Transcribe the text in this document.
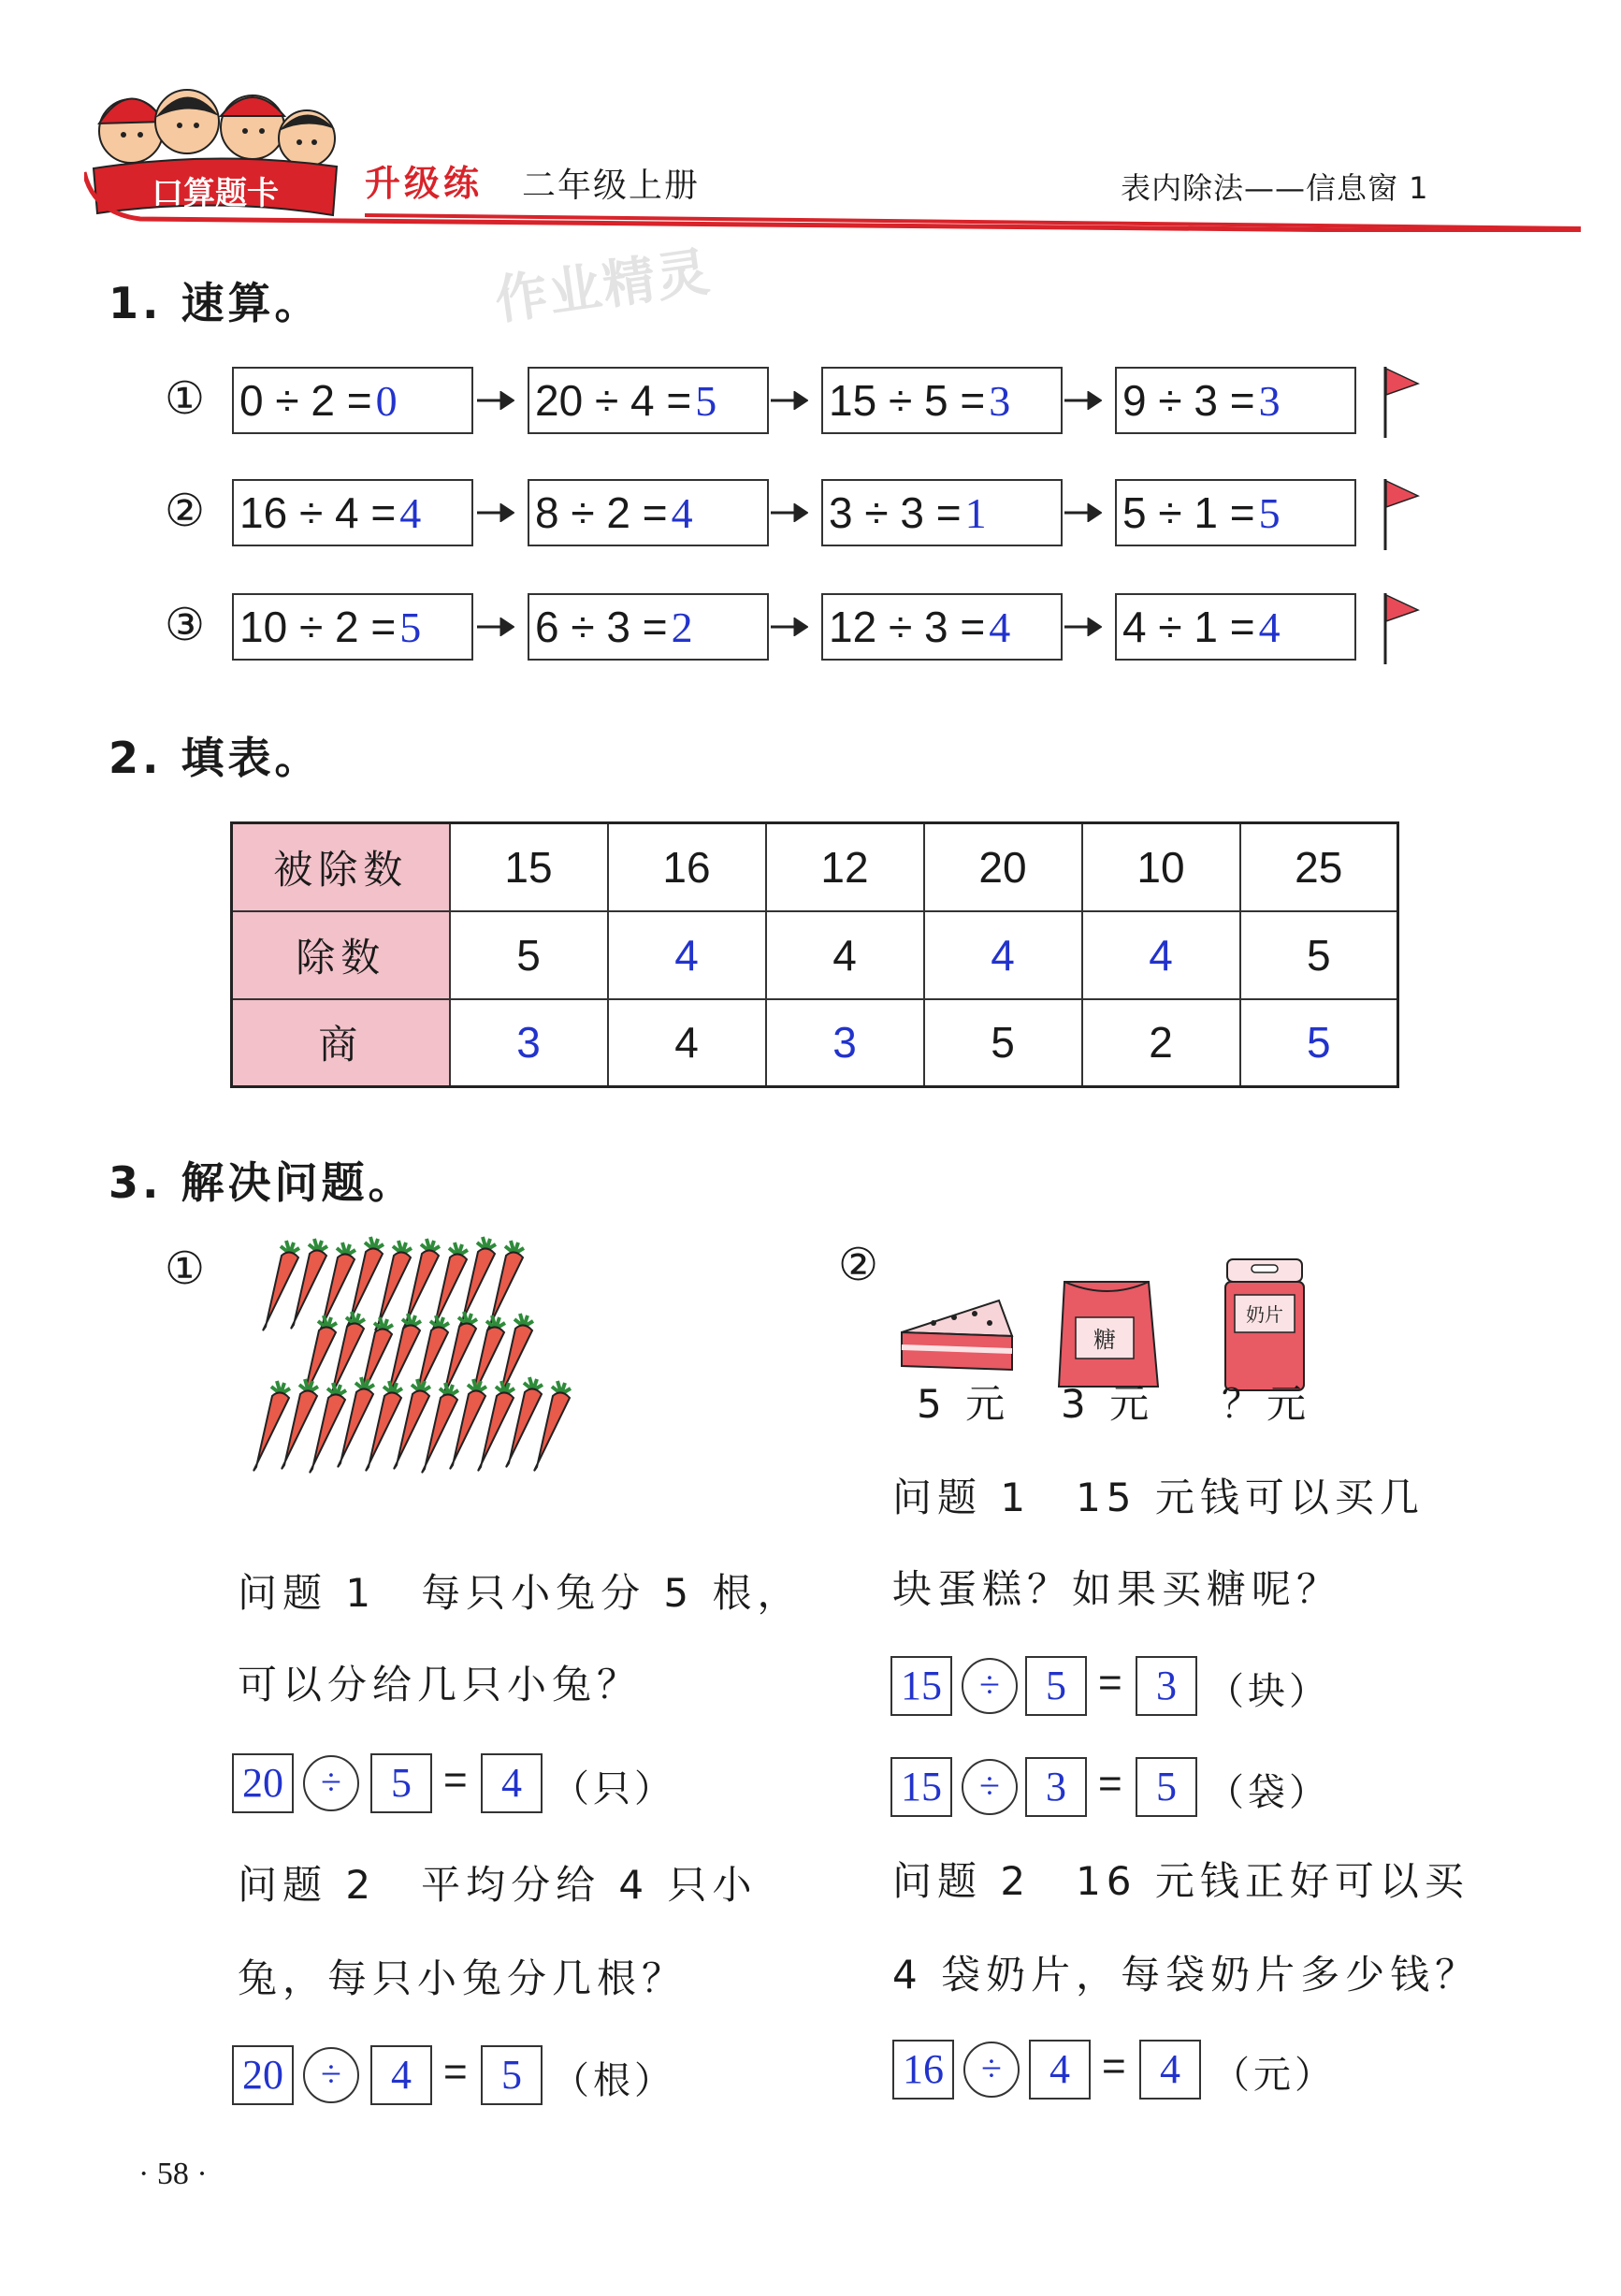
口算题卡 升级练 二年级上册	表内除法——信息窗 1
作业精灵
1. 速算。
① 0 ÷ 2 =0	20 ÷ 4 =5	15 ÷ 5 =3	9 ÷ 3 =3
② 16 ÷ 4 =4	8 ÷ 2 =4	3 ÷ 3 =1	5 ÷ 1 =5
③ 10 ÷ 2 =5	6 ÷ 3 =2	12 ÷ 3 =4	4 ÷ 1 =4
2. 填表。
被除数	15	16	12	20	10	25
除数	5	4	4	4	4	5
商	3	4	3	5	2	5
3. 解决问题。
①
问题 1　每只小兔分 5 根，
可以分给几只小兔？
20	÷	5 = 4 （只）
问题 2　平均分给 4 只小
兔，每只小兔分几根？
20	÷	4 = 5 （根）
②
糖
奶片
5 元 3 元 ？元
问题 1　15 元钱可以买几
块蛋糕？如果买糖呢？
15	÷	5 = 3 （块）
15	÷	3 = 5 （袋）
问题 2　16 元钱正好可以买
4 袋奶片，每袋奶片多少钱？
16	÷	4 = 4 （元）
· 58 ·
